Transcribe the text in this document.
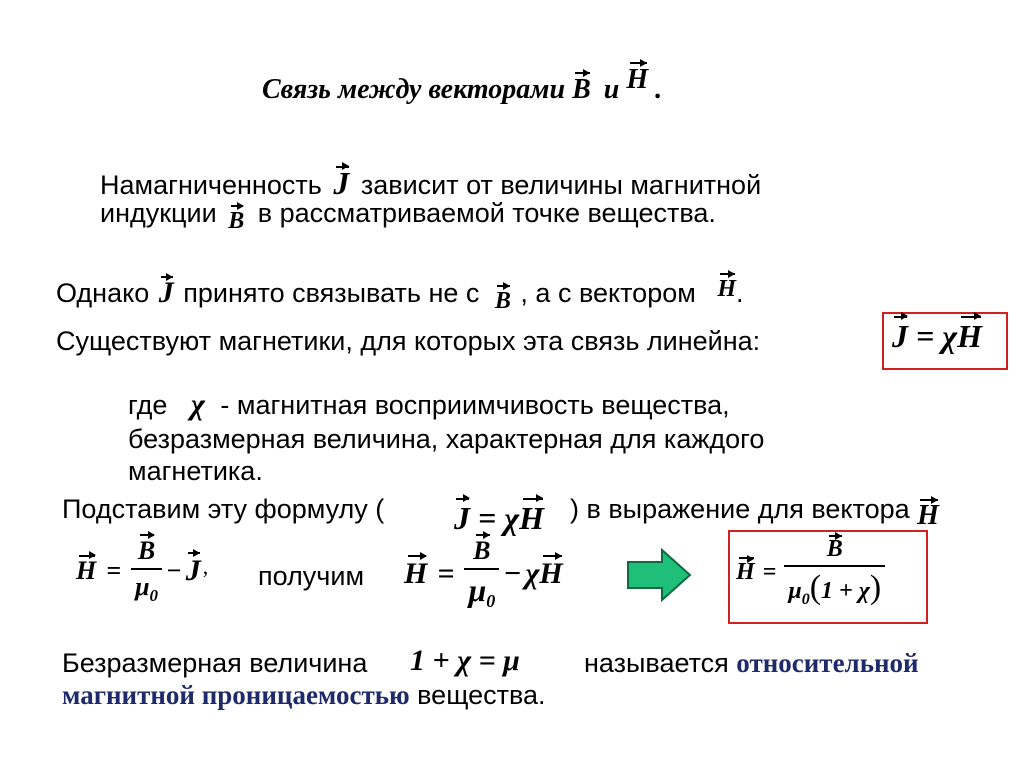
Связь между векторами B и H .
Намагниченность J зависит от величины магнитной
индукции B в рассматриваемой точке вещества.
Однако J принято связывать не с B , а с вектором H.
Существуют магнетики, для которых эта связь линейна:	J = χH
где χ - магнитная восприимчивость вещества,
безразмерная величина, характерная для каждого
магнетика.
Подставим эту формулу ( J = χH ) в выражение для вектора H
$H = \frac{B}{\mu_0} - J$ , получим $H = \frac{B}{\mu_0} - \chi$ H	$H = \frac{B}{\mu_0(1 + \chi)}$
Безразмерная величина 1 + χ = μ называется относительной
магнитной проницаемостью вещества.
